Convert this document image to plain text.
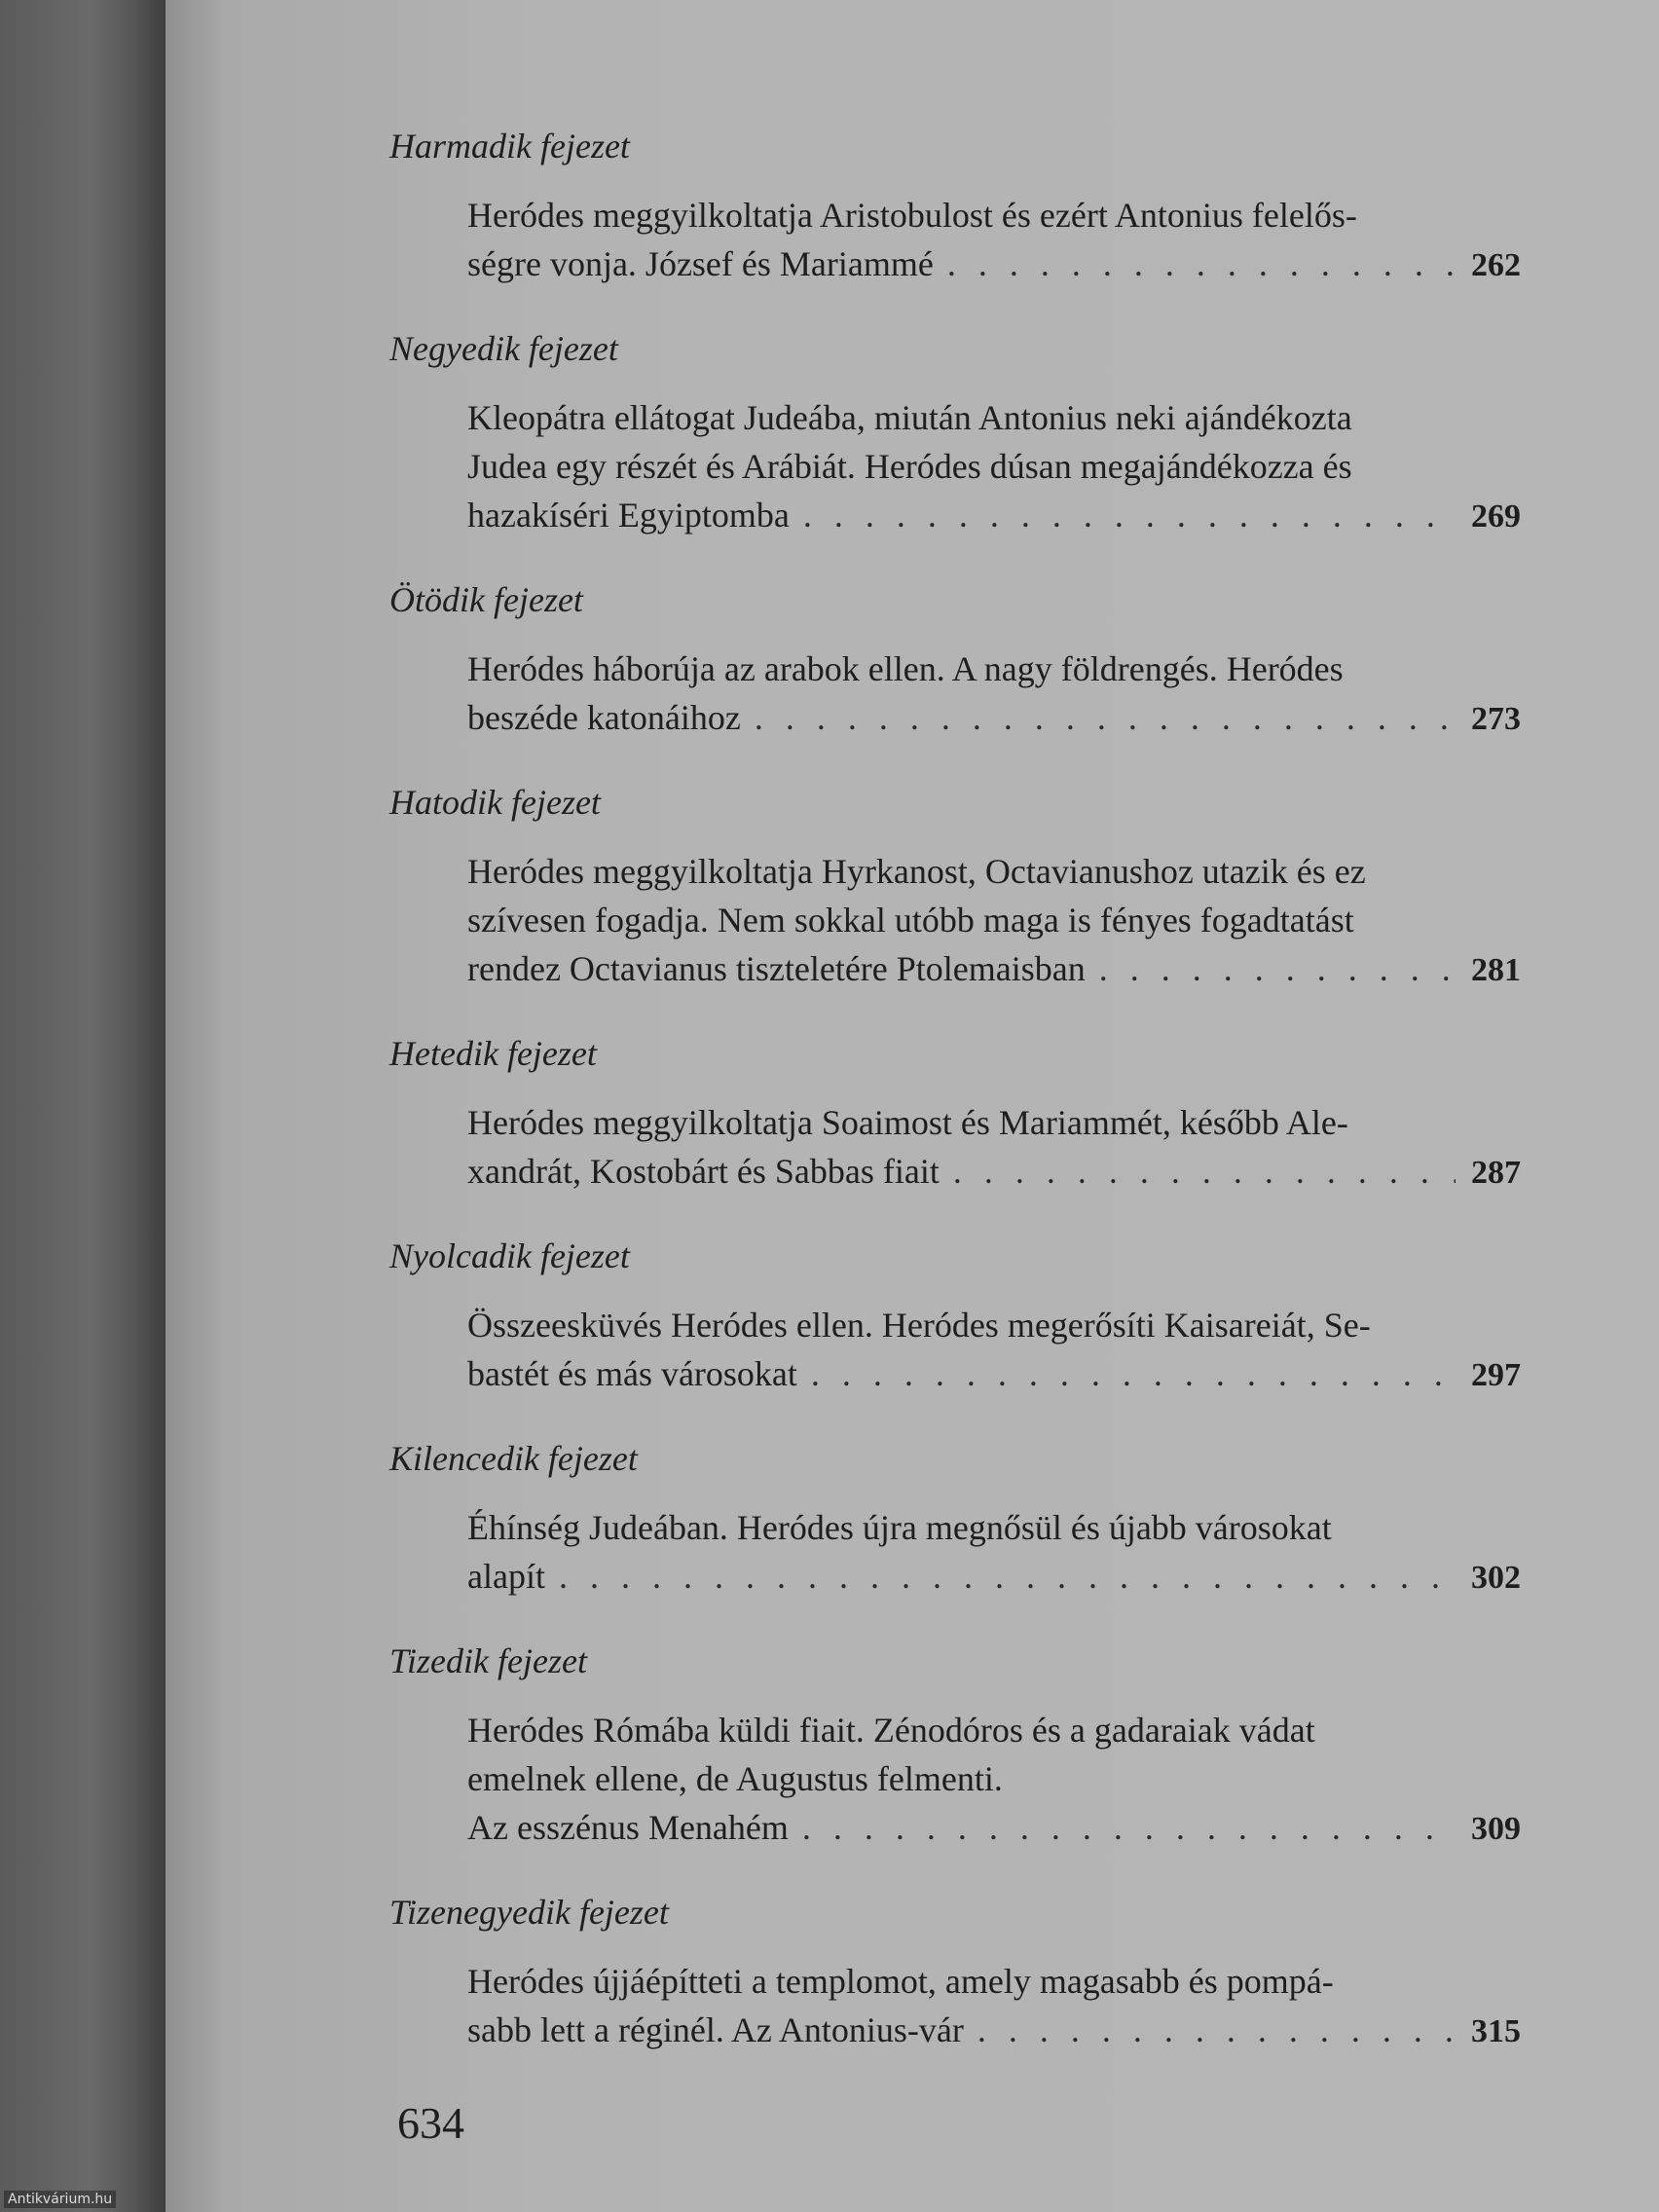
Harmadik fejezet
Heródes meggyilkoltatja Aristobulost és ezért Antonius felelős-
ségre vonja. József és Mariammé . . .	262
Negyedik fejezet
Kleopátra ellátogat Judeába, miután Antonius neki ajándékozta
Judea egy részét és Arábiát. Heródes dúsan megajándékozza és
hazakíséri Egyiptomba . . .	269
Ötödik fejezet
Heródes háborúja az arabok ellen. A nagy földrengés. Heródes
beszéde katonáihoz . . .	273
Hatodik fejezet
Heródes meggyilkoltatja Hyrkanost, Octavianushoz utazik és ez
szívesen fogadja. Nem sokkal utóbb maga is fényes fogadtatást
rendez Octavianus tiszteletére Ptolemaisban . . .	281
Hetedik fejezet
Heródes meggyilkoltatja Soaimost és Mariammét, később Ale-
xandrát, Kostobárt és Sabbas fiait . . .	287
Nyolcadik fejezet
Összeesküvés Heródes ellen. Heródes megerősíti Kaisareiát, Se-
bastét és más városokat . . .	297
Kilencedik fejezet
Éhínség Judeában. Heródes újra megnősül és újabb városokat
alapít . . .	302
Tizedik fejezet
Heródes Rómába küldi fiait. Zénodóros és a gadaraiak vádat
emelnek ellene, de Augustus felmenti.
Az esszénus Menahém . . .	309
Tizenegyedik fejezet
Heródes újjáépítteti a templomot, amely magasabb és pompá-
sabb lett a réginél. Az Antonius-vár . . .	315
634
Antikvárium.hu
